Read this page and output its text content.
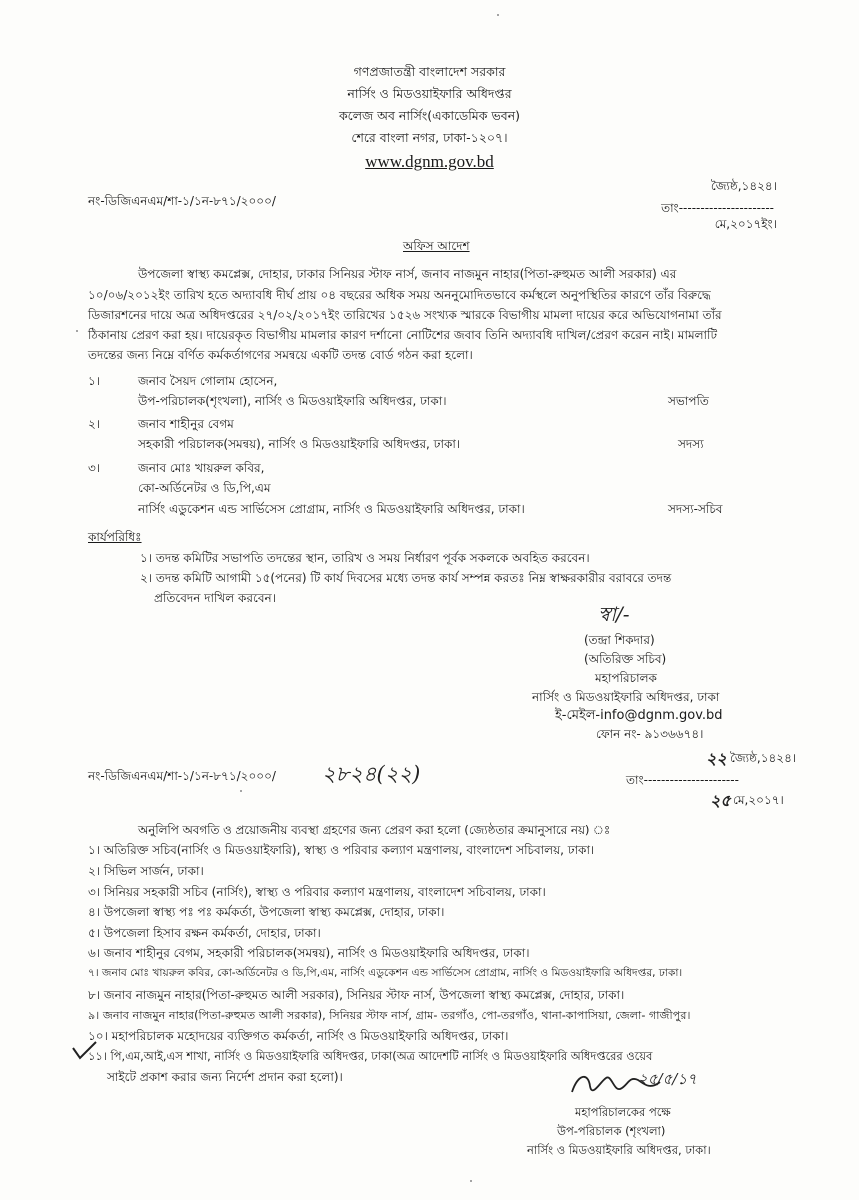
গণপ্রজাতন্ত্রী বাংলাদেশ সরকার
নার্সিং ও মিডওয়াইফারি অধিদপ্তর
কলেজ অব নার্সিং(একাডেমিক ভবন)
শেরে বাংলা নগর, ঢাকা-১২০৭।
www.dgnm.gov.bd
জ্যৈষ্ঠ,১৪২৪।
নং-ডিজিএনএম/শা-১/১ন-৮৭১/২০০০/	তাং----------------------
মে,২০১৭ইং।
অফিস আদেশ
উপজেলা স্বাস্থ্য কমপ্লেক্স, দোহার, ঢাকার সিনিয়র স্টাফ নার্স, জনাব নাজমুন নাহার(পিতা-রুহুমত আলী সরকার) এর
১০/০৬/২০১২ইং তারিখ হতে অদ্যাবধি দীর্ঘ প্রায় ০৪ বছরের অধিক সময় অননুমোদিতভাবে কর্মস্থলে অনুপস্থিতির কারণে তাঁর বিরুদ্ধে
ডিজারশনের দায়ে অত্র অধিদপ্তরের ২৭/০২/২০১৭ইং তারিখের ১৫২৬ সংখ্যক স্মারকে বিভাগীয় মামলা দায়ের করে অভিযোগনামা তাঁর
ঠিকানায় প্রেরণ করা হয়। দায়েরকৃত বিভাগীয় মামলার কারণ দর্শানো নোটিশের জবাব তিনি অদ্যাবধি দাখিল/প্রেরণ করেন নাই। মামলাটি
তদন্তের জন্য নিম্নে বর্ণিত কর্মকর্তাগণের সমন্বয়ে একটি তদন্ত বোর্ড গঠন করা হলো।
১।	জনাব সৈয়দ গোলাম হোসেন,
উপ-পরিচালক(শৃংখলা), নার্সিং ও মিডওয়াইফারি অধিদপ্তর, ঢাকা।	সভাপতি
২।	জনাব শাহীনুর বেগম
সহকারী পরিচালক(সমন্বয়), নার্সিং ও মিডওয়াইফারি অধিদপ্তর, ঢাকা।	সদস্য
৩।	জনাব মোঃ খায়রুল কবির,
কো-অর্ডিনেটর ও ডি,পি,এম
নার্সিং এডুকেশন এন্ড সার্ভিসেস প্রোগ্রাম, নার্সিং ও মিডওয়াইফারি অধিদপ্তর, ঢাকা।	সদস্য-সচিব
কার্যপরিধিঃ
১। তদন্ত কমিটির সভাপতি তদন্তের স্থান, তারিখ ও সময় নির্ধারণ পূর্বক সকলকে অবহিত করবেন।
২। তদন্ত কমিটি আগামী ১৫(পনের) টি কার্য দিবসের মধ্যে তদন্ত কার্য সম্পন্ন করতঃ নিম্ন স্বাক্ষরকারীর বরাবরে তদন্ত
প্রতিবেদন দাখিল করবেন।
স্বা/-
(তন্দ্রা শিকদার)
(অতিরিক্ত সচিব)
মহাপরিচালক
নার্সিং ও মিডওয়াইফারি অধিদপ্তর, ঢাকা
ই-মেইল-info@dgnm.gov.bd
ফোন নং- ৯১৩৬৬৭৪।
২২ জ্যৈষ্ঠ,১৪২৪।
নং-ডিজিএনএম/শা-১/১ন-৮৭১/২০০০/ ২৮২৪(২২)	তাং----------------------
২৫ মে,২০১৭।
অনুলিপি অবগতি ও প্রয়োজনীয় ব্যবস্থা গ্রহণের জন্য প্রেরণ করা হলো (জ্যেষ্ঠতার ক্রমানুসারে নয়) ঃ
১। অতিরিক্ত সচিব(নার্সিং ও মিডওয়াইফারি), স্বাস্থ্য ও পরিবার কল্যাণ মন্ত্রণালয়, বাংলাদেশ সচিবালয়, ঢাকা।
২। সিভিল সার্জন, ঢাকা।
৩। সিনিয়র সহকারী সচিব (নার্সিং), স্বাস্থ্য ও পরিবার কল্যাণ মন্ত্রণালয়, বাংলাদেশ সচিবালয়, ঢাকা।
৪। উপজেলা স্বাস্থ্য পঃ পঃ কর্মকর্তা, উপজেলা স্বাস্থ্য কমপ্লেক্স, দোহার, ঢাকা।
৫। উপজেলা হিসাব রক্ষন কর্মকর্তা, দোহার, ঢাকা।
৬। জনাব শাহীনুর বেগম, সহকারী পরিচালক(সমন্বয়), নার্সিং ও মিডওয়াইফারি অধিদপ্তর, ঢাকা।
৭। জনাব মোঃ খায়রুল কবির, কো-অর্ডিনেটর ও ডি,পি,এম, নার্সিং এডুকেশন এন্ড সার্ভিসেস প্রোগ্রাম, নার্সিং ও মিডওয়াইফারি অধিদপ্তর, ঢাকা।
৮। জনাব নাজমুন নাহার(পিতা-রুহুমত আলী সরকার), সিনিয়র স্টাফ নার্স, উপজেলা স্বাস্থ্য কমপ্লেক্স, দোহার, ঢাকা।
৯। জনাব নাজমুন নাহার(পিতা-রুহুমত আলী সরকার), সিনিয়র স্টাফ নার্স, গ্রাম- তরগাঁও, পো-তরগাঁও, থানা-কাপাসিয়া, জেলা- গাজীপুর।
১০। মহাপরিচালক মহোদয়ের ব্যক্তিগত কর্মকর্তা, নার্সিং ও মিডওয়াইফারি অধিদপ্তর, ঢাকা।
১১। পি,এম,আই,এস শাখা, নার্সিং ও মিডওয়াইফারি অধিদপ্তর, ঢাকা(অত্র আদেশটি নার্সিং ও মিডওয়াইফারি অধিদপ্তরের ওয়েব
সাইটে প্রকাশ করার জন্য নির্দেশ প্রদান করা হলো)।	২৫/৫/১৭
মহাপরিচালকের পক্ষে
উপ-পরিচালক (শৃংখলা)
নার্সিং ও মিডওয়াইফারি অধিদপ্তর, ঢাকা।
